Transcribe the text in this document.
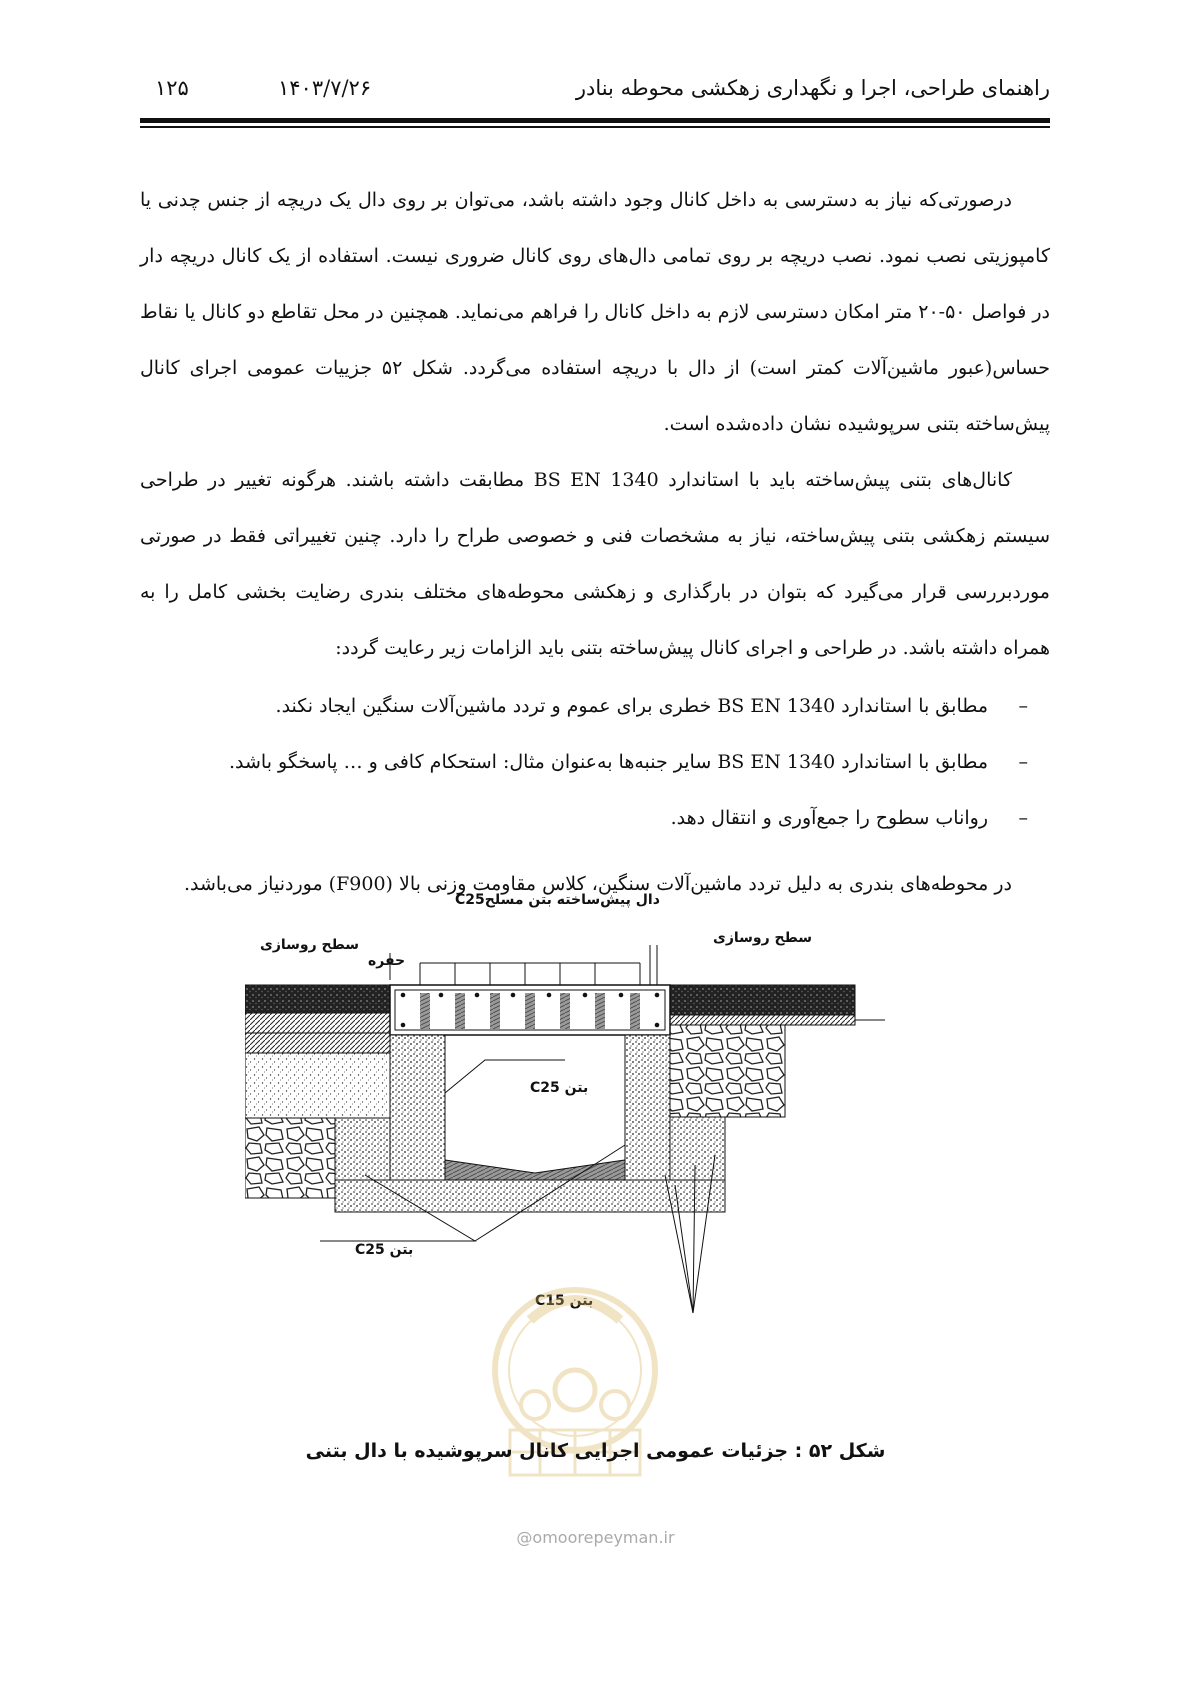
راهنمای طراحی، اجرا و نگهداری زهکشی محوطه بنادر
۱۴۰۳/۷/۲۶
۱۲۵

درصورتی‌که نیاز به دسترسی به داخل کانال وجود داشته باشد، می‌توان بر روی دال یک دریچه از جنس چدنی یا کامپوزیتی نصب نمود. نصب دریچه بر روی تمامی دال‌های روی کانال ضروری نیست. استفاده از یک کانال دریچه دار در فواصل ۵۰-۲۰ متر امکان دسترسی لازم به داخل کانال را فراهم می‌نماید. همچنین در محل تقاطع دو کانال یا نقاط حساس(عبور ماشین‌آلات کمتر است) از دال با دریچه استفاده می‌گردد. شکل ۵۲ جزییات عمومی اجرای کانال پیش‌ساخته بتنی سرپوشیده نشان داده‌شده است.

کانال‌های بتنی پیش‌ساخته باید با استاندارد BS EN 1340 مطابقت داشته باشند. هرگونه تغییر در طراحی سیستم زهکشی بتنی پیش‌ساخته، نیاز به مشخصات فنی و خصوصی طراح را دارد. چنین تغییراتی فقط در صورتی موردبررسی قرار می‌گیرد که بتوان در بارگذاری و زهکشی محوطه‌های مختلف بندری رضایت بخشی کامل را به همراه داشته باشد. در طراحی و اجرای کانال پیش‌ساخته بتنی باید الزامات زیر رعایت گردد:

–مطابق با استاندارد BS EN 1340 خطری برای عموم و تردد ماشین‌آلات سنگین ایجاد نکند.
–مطابق با استاندارد BS EN 1340 سایر جنبه‌ها به‌عنوان مثال: استحکام کافی و … پاسخگو باشد.
–رواناب سطوح را جمع‌آوری و انتقال دهد.

در محوطه‌های بندری به دلیل تردد ماشین‌آلات سنگین، کلاس مقاومت وزنی بالا (F900) موردنیاز می‌باشد.

دال پیش‌ساخته بتن مسلحC25
سطح روسازی	سطح روسازی
حفره
بتن C25
بتن C25
بتن C15
شکل ۵۲ : جزئیات عمومی اجرایی کانال سرپوشیده با دال بتنی
@omoorepeyman.ir
